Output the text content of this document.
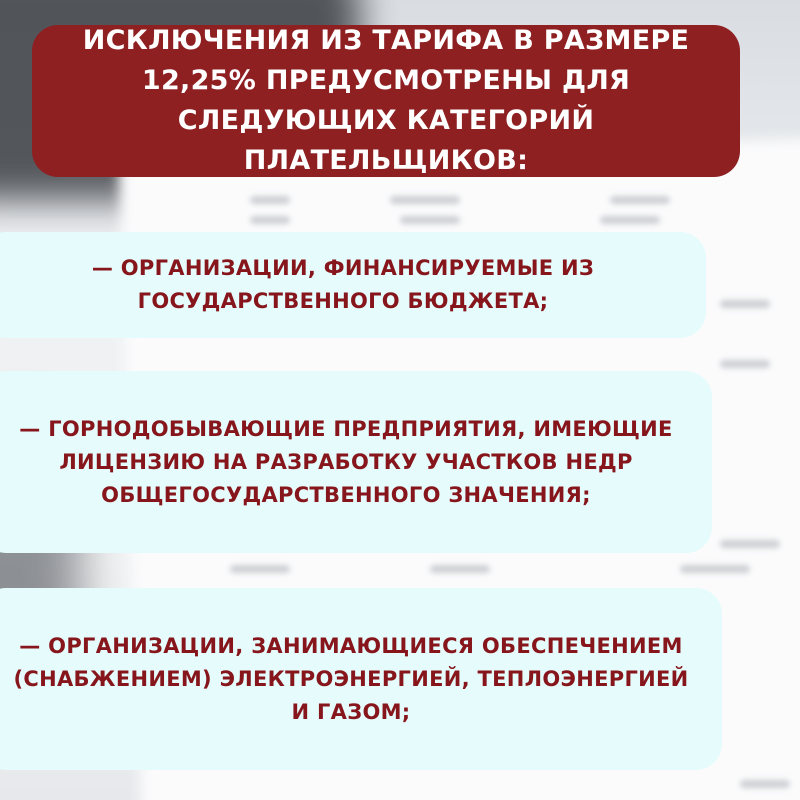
ИСКЛЮЧЕНИЯ ИЗ ТАРИФА В РАЗМЕРЕ 12,25% ПРЕДУСМОТРЕНЫ ДЛЯ СЛЕДУЮЩИХ КАТЕГОРИЙ ПЛАТЕЛЬЩИКОВ:

— ОРГАНИЗАЦИИ, ФИНАНСИРУЕМЫЕ ИЗ ГОСУДАРСТВЕННОГО БЮДЖЕТА;

— ГОРНОДОБЫВАЮЩИЕ ПРЕДПРИЯТИЯ, ИМЕЮЩИЕ ЛИЦЕНЗИЮ НА РАЗРАБОТКУ УЧАСТКОВ НЕДР ОБЩЕГОСУДАРСТВЕННОГО ЗНАЧЕНИЯ;

— ОРГАНИЗАЦИИ, ЗАНИМАЮЩИЕСЯ ОБЕСПЕЧЕНИЕМ (СНАБЖЕНИЕМ) ЭЛЕКТРОЭНЕРГИЕЙ, ТЕПЛОЭНЕРГИЕЙ И ГАЗОМ;
